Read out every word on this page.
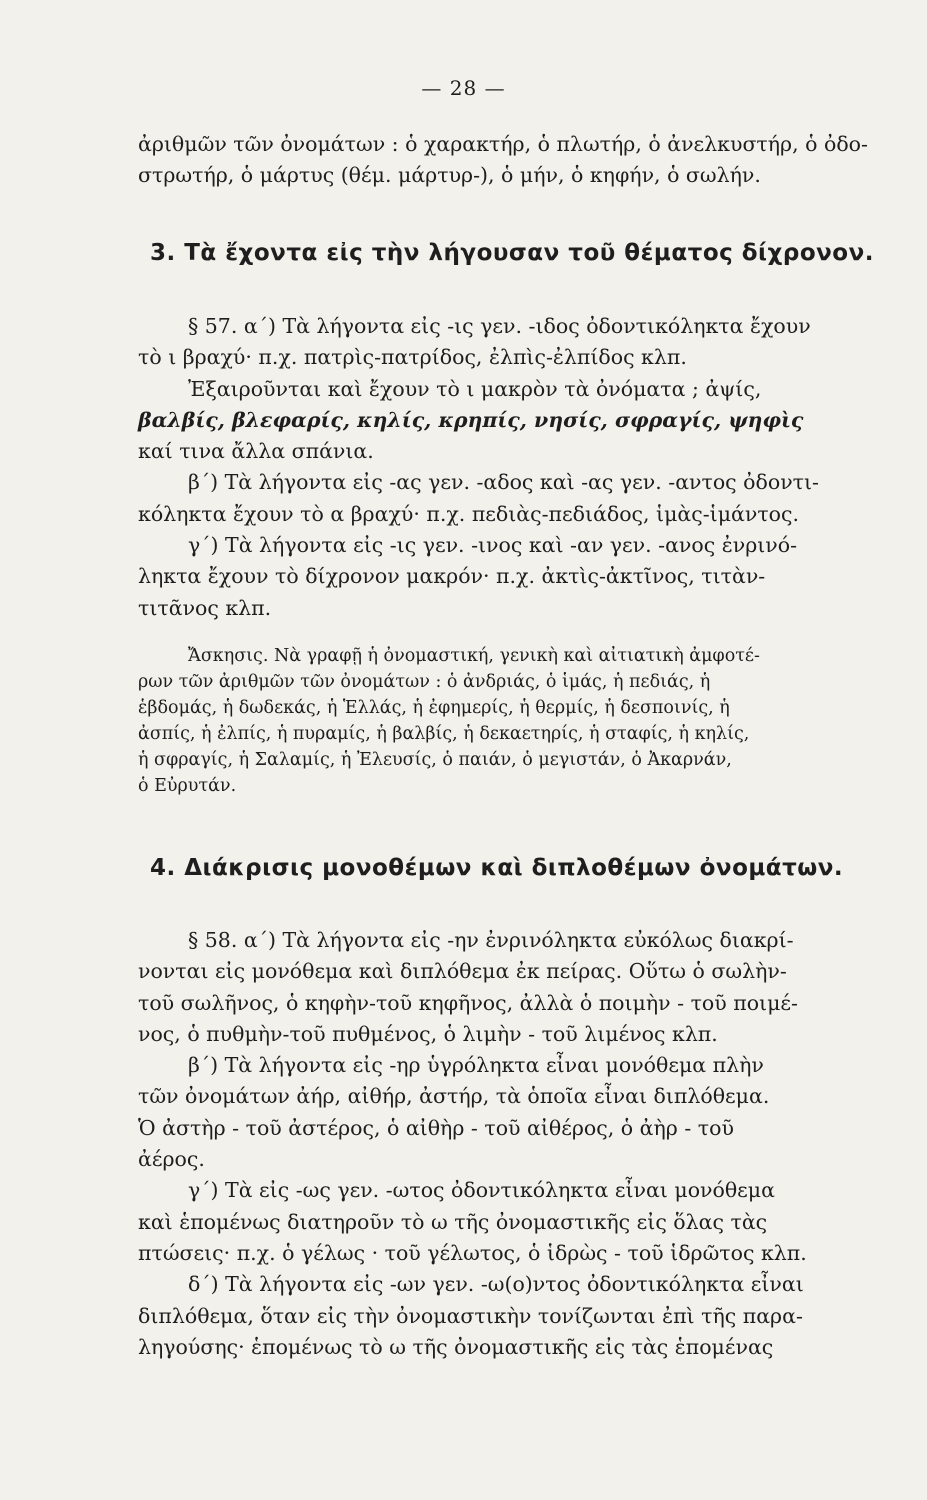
— 28 —

ἀριθμῶν τῶν ὀνομάτων : ὁ χαρακτήρ, ὁ πλωτήρ, ὁ ἀνελκυστήρ, ὁ ὀδο-

στρωτήρ, ὁ μάρτυς (θέμ. μάρτυρ-), ὁ μήν, ὁ κηφήν, ὁ σωλήν.

3. Τὰ ἔχοντα εἰς τὴν λήγουσαν τοῦ θέματος δίχρονον.

§ 57. α΄) Τὰ λήγοντα εἰς -ις γεν. -ιδος ὀδοντικόληκτα ἔχουν

τὸ ι βραχύ· π.χ. πατρὶς-πατρίδος, ἐλπὶς-ἐλπίδος κλπ.

Ἐξαιροῦνται καὶ ἔχουν τὸ ι μακρὸν τὰ ὀνόματα ; ἀψίς,

βαλβίς, βλεφαρίς, κηλίς, κρηπίς, νησίς, σφραγίς, ψηφὶς

καί τινα ἄλλα σπάνια.

β΄) Τὰ λήγοντα εἰς -ας γεν. -αδος καὶ -ας γεν. -αντος ὀδοντι-

κόληκτα ἔχουν τὸ α βραχύ· π.χ. πεδιὰς-πεδιάδος, ἱμὰς-ἱμάντος.

γ΄) Τὰ λήγοντα εἰς -ις γεν. -ινος καὶ -αν γεν. -ανος ἐνρινό-

ληκτα ἔχουν τὸ δίχρονον μακρόν· π.χ. ἀκτὶς-ἀκτῖνος, τιτὰν-

τιτᾶνος κλπ.

Ἄσκησις. Νὰ γραφῇ ἡ ὀνομαστική, γενικὴ καὶ αἰτιατικὴ ἀμφοτέ-

ρων τῶν ἀριθμῶν τῶν ὀνομάτων : ὁ ἀνδριάς, ὁ ἱμάς, ἡ πεδιάς, ἡ

ἑβδομάς, ἡ δωδεκάς, ἡ Ἑλλάς, ἡ ἐφημερίς, ἡ θερμίς, ἡ δεσποινίς, ἡ

ἀσπίς, ἡ ἐλπίς, ἡ πυραμίς, ἡ βαλβίς, ἡ δεκαετηρίς, ἡ σταφίς, ἡ κηλίς,

ἡ σφραγίς, ἡ Σαλαμίς, ἡ Ἐλευσίς, ὁ παιάν, ὁ μεγιστάν, ὁ Ἀκαρνάν,

ὁ Εὐρυτάν.

4. Διάκρισις μονοθέμων καὶ διπλοθέμων ὀνομάτων.

§ 58. α΄) Τὰ λήγοντα εἰς -ην ἐνρινόληκτα εὐκόλως διακρί-

νονται εἰς μονόθεμα καὶ διπλόθεμα ἐκ πείρας. Οὕτω ὁ σωλὴν-

τοῦ σωλῆνος, ὁ κηφὴν-τοῦ κηφῆνος, ἀλλὰ ὁ ποιμὴν - τοῦ ποιμέ-

νος, ὁ πυθμὴν-τοῦ πυθμένος, ὁ λιμὴν - τοῦ λιμένος κλπ.

β΄) Τὰ λήγοντα εἰς -ηρ ὑγρόληκτα εἶναι μονόθεμα πλὴν

τῶν ὀνομάτων ἀήρ, αἰθήρ, ἀστήρ, τὰ ὁποῖα εἶναι διπλόθεμα.

Ὁ ἀστὴρ - τοῦ ἀστέρος, ὁ αἰθὴρ - τοῦ αἰθέρος, ὁ ἀὴρ - τοῦ

ἀέρος.

γ΄) Τὰ εἰς -ως γεν. -ωτος ὀδοντικόληκτα εἶναι μονόθεμα

καὶ ἑπομένως διατηροῦν τὸ ω τῆς ὀνομαστικῆς εἰς ὅλας τὰς

πτώσεις· π.χ. ὁ γέλως · τοῦ γέλωτος, ὁ ἱδρὼς - τοῦ ἱδρῶτος κλπ.

δ΄) Τὰ λήγοντα εἰς -ων γεν. -ω(ο)ντος ὀδοντικόληκτα εἶναι

διπλόθεμα, ὅταν εἰς τὴν ὀνομαστικὴν τονίζωνται ἐπὶ τῆς παρα-

ληγούσης· ἑπομένως τὸ ω τῆς ὀνομαστικῆς εἰς τὰς ἑπομένας
